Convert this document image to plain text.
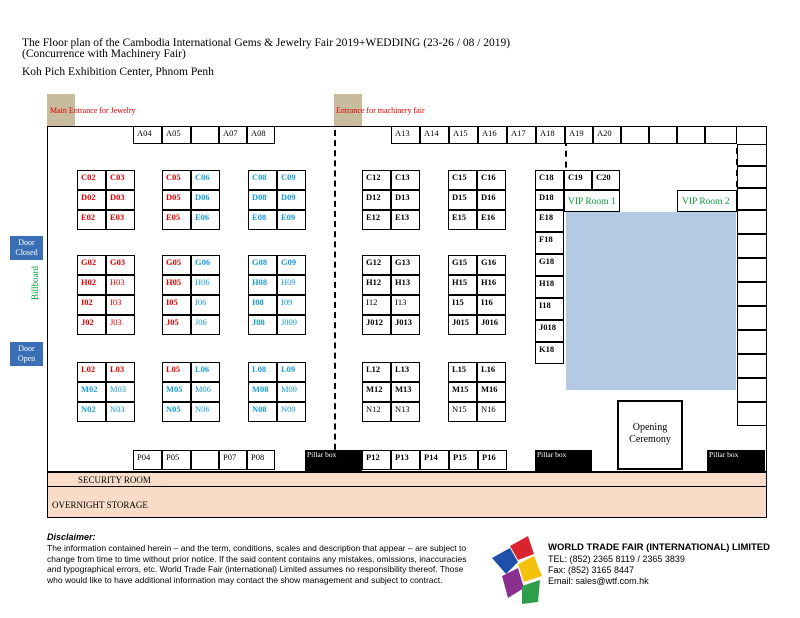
The Floor plan of the Cambodia International Gems & Jewelry Fair 2019+WEDDING (23-26 / 08 / 2019)
(Concurrence with Machinery Fair)
Koh Pich Exhibition Center, Phnom Penh
Main Entrance for Jewelry	Entrance for machinery fair
Door Closed
Door Open
Billboard
A04	A05	A07	A08	A13	A14	A15	A16	A17	A18	A19	A20
C02	C03
D02	D03
E02	E03
G02	G03
H02	H03
I02	I03
J02	J03
L02	L03
M02	M03
N02	N03
C05	C06
D05	D06
E05	E06
G05	G06
H05	H06
I05	I06
J05	J06
L05	L06
M05	M06
N05	N06
C08	C09
D08	D09
E08	E09
G08	G09
H08	H09
I08	I09
J08	J009
L08	L09
M08	M09
N08	N09
C12	C13
D12	D13
E12	E13
G12	G13
H12	H13
I12	I13
J012	J013
L12	L13
M12	M13
N12	N13
C15	C16
D15	D16
E15	E16
G15	G16
H15	H16
I15	I16
J015	J016
L15	L16
M15	M16
N15	N16
C18
D18
E18
F18
G18
H18
I18
J018
K18
C19	C20
VIP Room 1	VIP Room 2
Opening Ceremony
P04	P05	P07	P08	P12	P13	P14	P15	P16
Pillar box	Pillar box	Pillar box
SECURITY ROOM
OVERNIGHT STORAGE
Disclaimer:
The information contained herein – and the term, conditions, scales and description that appear – are subject to change from time to time without prior notice. If the said content contains any mistakes, omissions, inaccuracies and typographical errors, etc. World Trade Fair (international) Limited assumes no responsibility thereof. Those who would like to have additional information may contact the show management and subject to contract.
WORLD TRADE FAIR (INTERNATIONAL) LIMITED
TEL: (852) 2365 8119 / 2365 3839
Fax: (852) 3165 8447
Email: sales@wtf.com.hk
